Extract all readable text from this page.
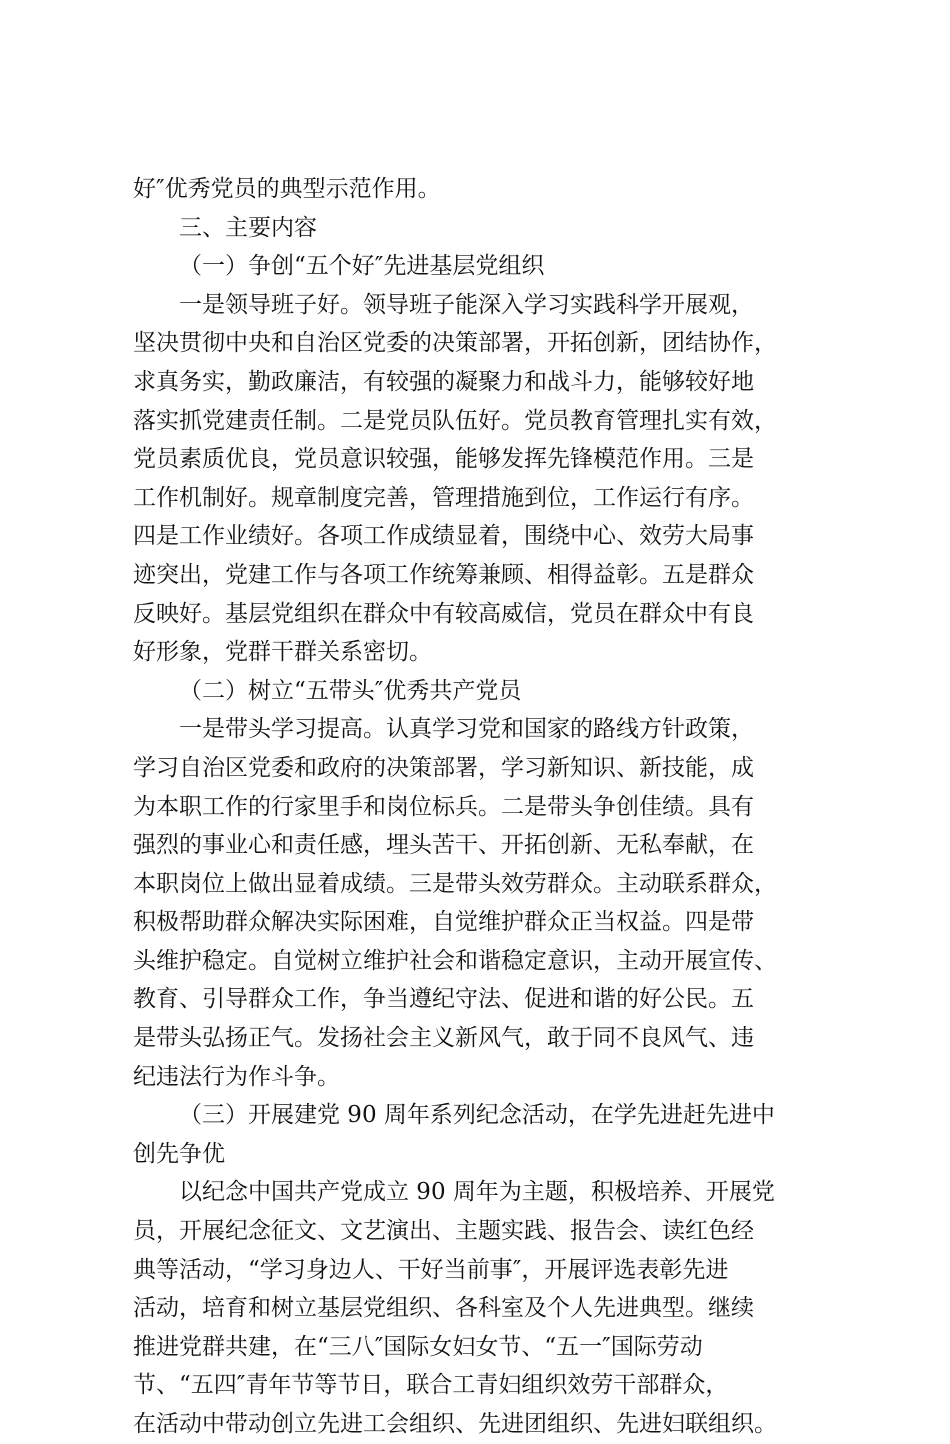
好″优秀党员的典型示范作用。
三、主要内容
（一）争创“五个好″先进基层党组织
一是领导班子好。领导班子能深入学习实践科学开展观，
坚决贯彻中央和自治区党委的决策部署，开拓创新，团结协作，
求真务实，勤政廉洁，有较强的凝聚力和战斗力，能够较好地
落实抓党建责任制。二是党员队伍好。党员教育管理扎实有效，
党员素质优良，党员意识较强，能够发挥先锋模范作用。三是
工作机制好。规章制度完善，管理措施到位，工作运行有序。
四是工作业绩好。各项工作成绩显着，围绕中心、效劳大局事
迹突出，党建工作与各项工作统筹兼顾、相得益彰。五是群众
反映好。基层党组织在群众中有较高威信，党员在群众中有良
好形象，党群干群关系密切。
（二）树立“五带头″优秀共产党员
一是带头学习提高。认真学习党和国家的路线方针政策，
学习自治区党委和政府的决策部署，学习新知识、新技能，成
为本职工作的行家里手和岗位标兵。二是带头争创佳绩。具有
强烈的事业心和责任感，埋头苦干、开拓创新、无私奉献，在
本职岗位上做出显着成绩。三是带头效劳群众。主动联系群众，
积极帮助群众解决实际困难，自觉维护群众正当权益。四是带
头维护稳定。自觉树立维护社会和谐稳定意识，主动开展宣传、
教育、引导群众工作，争当遵纪守法、促进和谐的好公民。五
是带头弘扬正气。发扬社会主义新风气，敢于同不良风气、违
纪违法行为作斗争。
（三）开展建党 90 周年系列纪念活动，在学先进赶先进中
创先争优
以纪念中国共产党成立 90 周年为主题，积极培养、开展党
员，开展纪念征文、文艺演出、主题实践、报告会、读红色经
典等活动，“学习身边人、干好当前事″，开展评选表彰先进
活动，培育和树立基层党组织、各科室及个人先进典型。继续
推进党群共建，在“三八″国际女妇女节、“五一″国际劳动
节、“五四″青年节等节日，联合工青妇组织效劳干部群众，
在活动中带动创立先进工会组织、先进团组织、先进妇联组织。
